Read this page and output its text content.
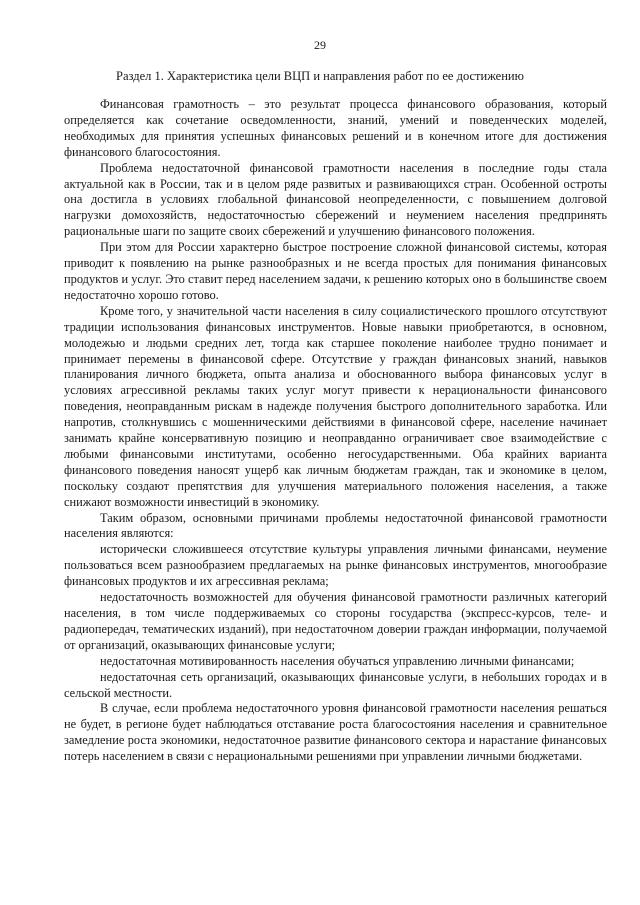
29
Раздел 1. Характеристика цели ВЦП и направления работ по ее достижению

Финансовая грамотность – это результат процесса финансового образования, который определяется как сочетание осведомленности, знаний, умений и поведенческих моделей, необходимых для принятия успешных финансовых решений и в конечном итоге для достижения финансового благосостояния.

Проблема недостаточной финансовой грамотности населения в последние годы стала актуальной как в России, так и в целом ряде развитых и развивающихся стран. Особенной остроты она достигла в условиях глобальной финансовой неопределенности, с повышением долговой нагрузки домохозяйств, недостаточностью сбережений и неумением населения предпринять рациональные шаги по защите своих сбережений и улучшению финансового положения.

При этом для России характерно быстрое построение сложной финансовой системы, которая приводит к появлению на рынке разнообразных и не всегда простых для понимания финансовых продуктов и услуг. Это ставит перед населением задачи, к решению которых оно в большинстве своем недостаточно хорошо готово.

Кроме того, у значительной части населения в силу социалистического прошлого отсутствуют традиции использования финансовых инструментов. Новые навыки приобретаются, в основном, молодежью и людьми средних лет, тогда как старшее поколение наиболее трудно понимает и принимает перемены в финансовой сфере. Отсутствие у граждан финансовых знаний, навыков планирования личного бюджета, опыта анализа и обоснованного выбора финансовых услуг в условиях агрессивной рекламы таких услуг могут привести к нерациональности финансового поведения, неоправданным рискам в надежде получения быстрого дополнительного заработка. Или напротив, столкнувшись с мошенническими действиями в финансовой сфере, население начинает занимать крайне консервативную позицию и неоправданно ограничивает свое взаимодействие с любыми финансовыми институтами, особенно негосударственными. Оба крайних варианта финансового поведения наносят ущерб как личным бюджетам граждан, так и экономике в целом, поскольку создают препятствия для улучшения материального положения населения, а также снижают возможности инвестиций в экономику.

Таким образом, основными причинами проблемы недостаточной финансовой грамотности населения являются:

исторически сложившееся отсутствие культуры управления личными финансами, неумение пользоваться всем разнообразием предлагаемых на рынке финансовых инструментов, многообразие финансовых продуктов и их агрессивная реклама;

недостаточность возможностей для обучения финансовой грамотности различных категорий населения, в том числе поддерживаемых со стороны государства (экспресс-курсов, теле- и радиопередач, тематических изданий), при недостаточном доверии граждан информации, получаемой от организаций, оказывающих финансовые услуги;

недостаточная мотивированность населения обучаться управлению личными финансами;

недостаточная сеть организаций, оказывающих финансовые услуги, в небольших городах и в сельской местности.

В случае, если проблема недостаточного уровня финансовой грамотности населения решаться не будет, в регионе будет наблюдаться отставание роста благосостояния населения и сравнительное замедление роста экономики, недостаточное развитие финансового сектора и нарастание финансовых потерь населением в связи с нерациональными решениями при управлении личными бюджетами.
